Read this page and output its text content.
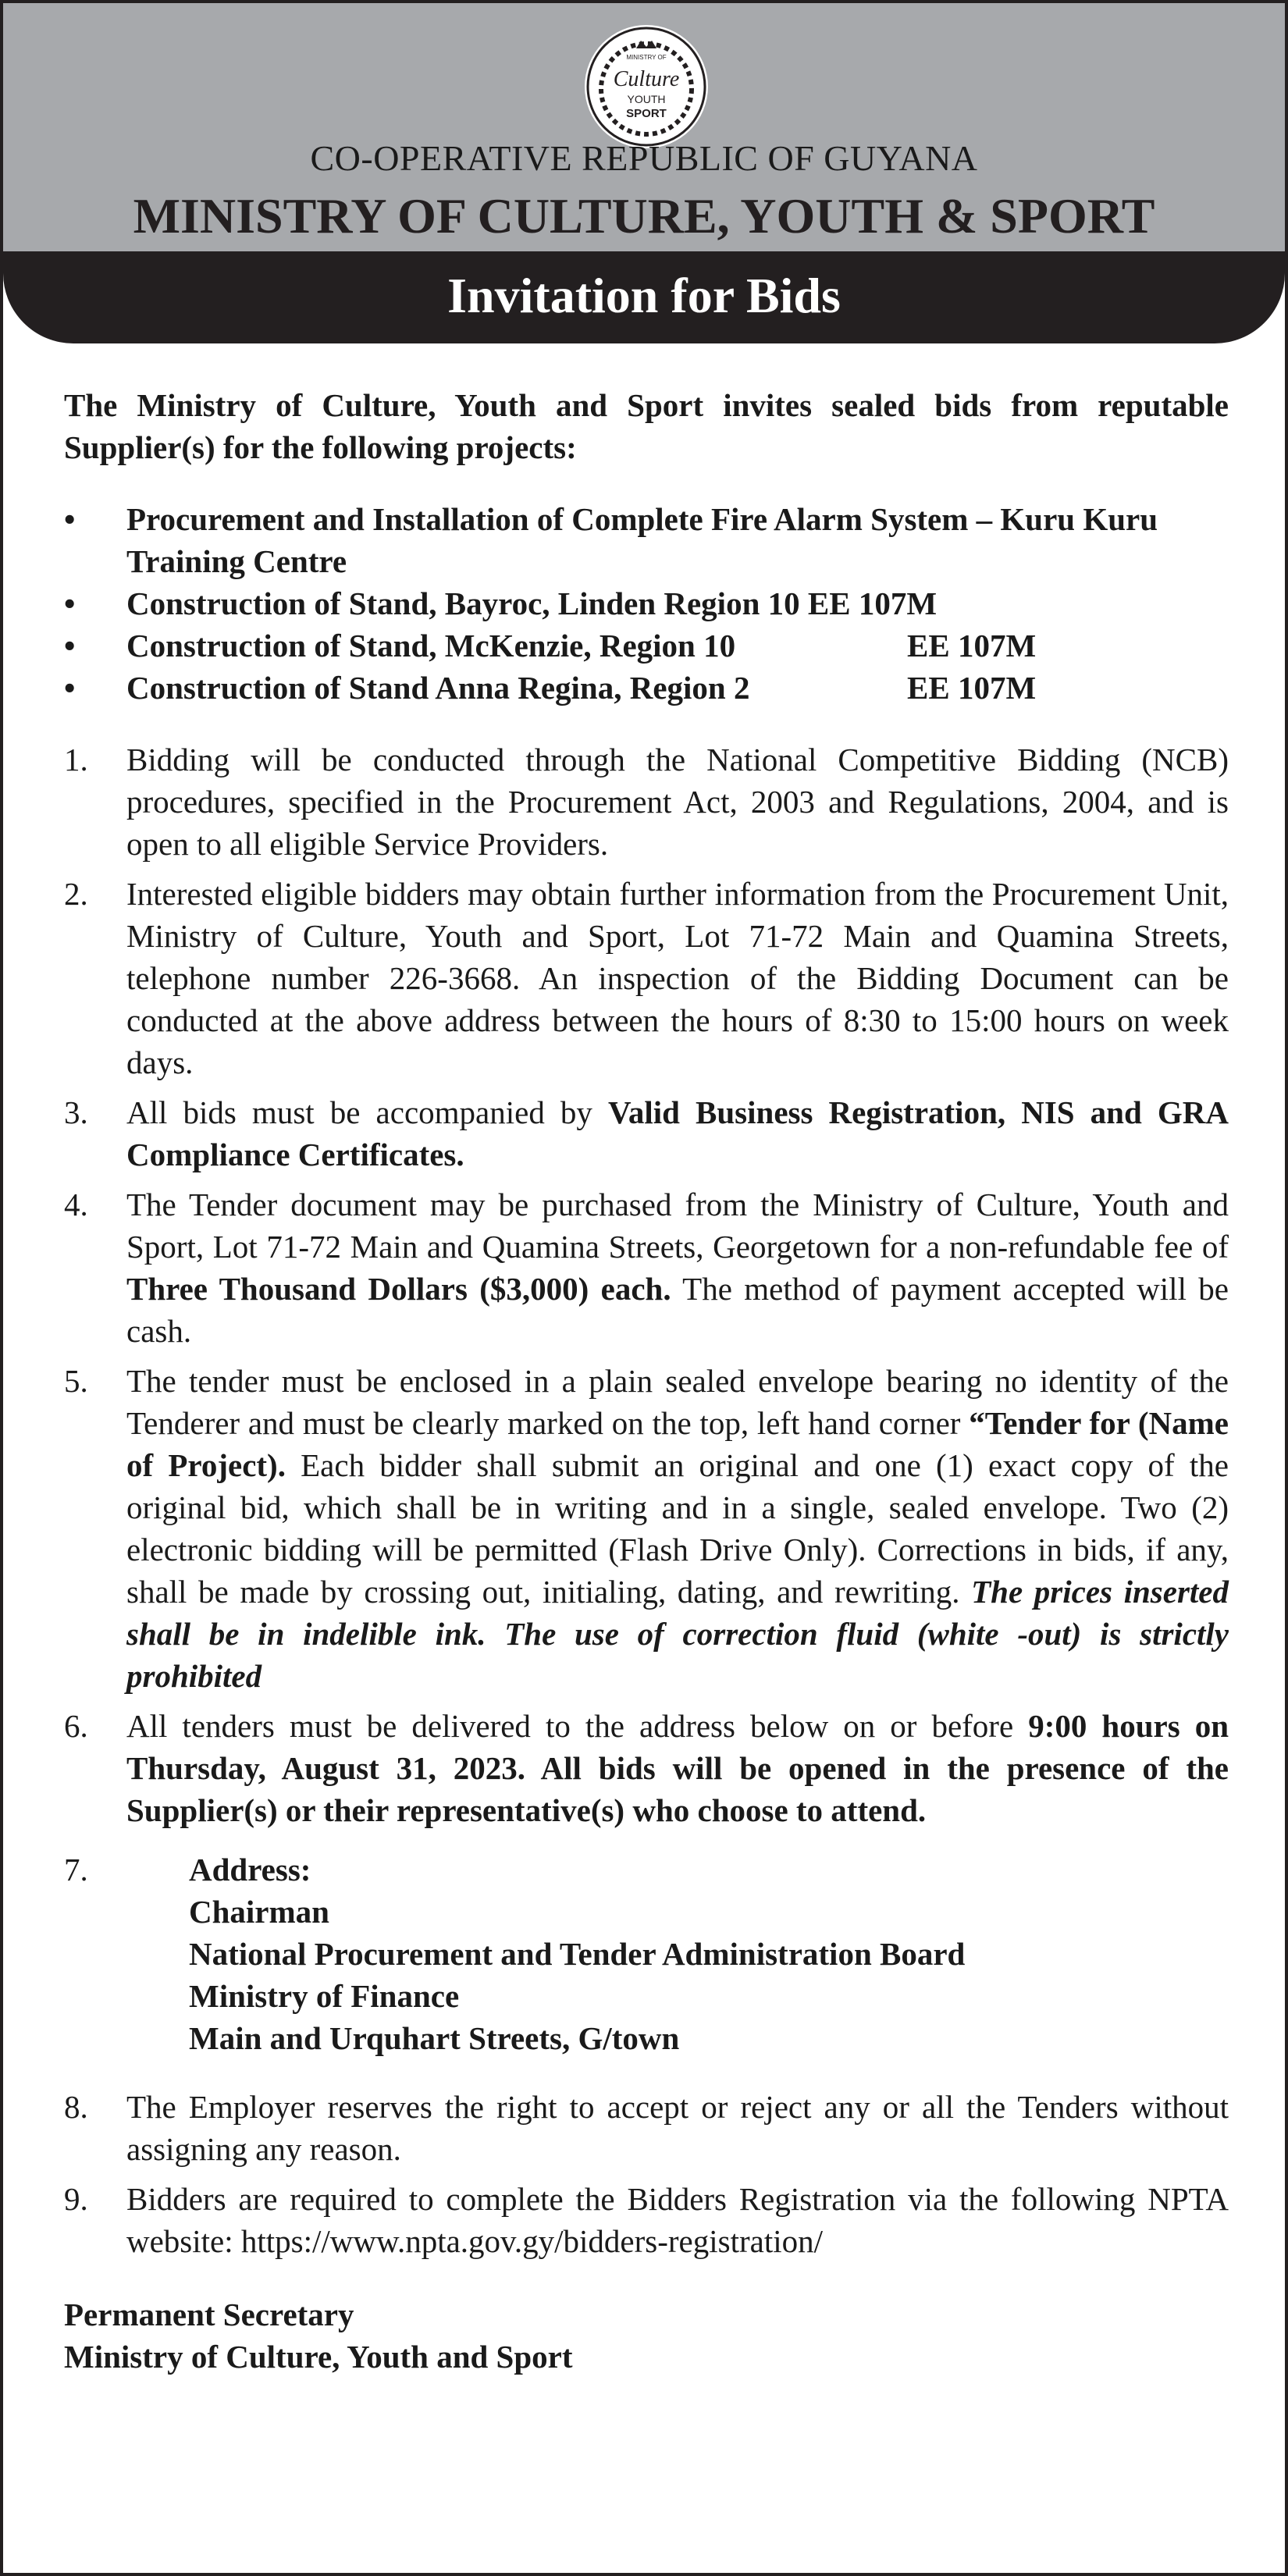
MINISTRY OF
Culture
YOUTH
SPORT
CO-OPERATIVE REPUBLIC OF GUYANA
MINISTRY OF CULTURE, YOUTH & SPORT
Invitation for Bids

The Ministry of Culture, Youth and Sport invites sealed bids from reputable Supplier(s) for the following projects:

• Procurement and Installation of Complete Fire Alarm System – Kuru Kuru Training Centre
• Construction of Stand, Bayroc, Linden Region 10 EE 107M
• Construction of Stand, McKenzie, Region 10	EE 107M
• Construction of Stand Anna Regina, Region 2	EE 107M
1. Bidding will be conducted through the National Competitive Bidding (NCB) procedures, specified in the Procurement Act, 2003 and Regulations, 2004, and is open to all eligible Service Providers.
2. Interested eligible bidders may obtain further information from the Procurement Unit, Ministry of Culture, Youth and Sport, Lot 71-72 Main and Quamina Streets, telephone number 226-3668. An inspection of the Bidding Document can be conducted at the above address between the hours of 8:30 to 15:00 hours on week days.
3. All bids must be accompanied by Valid Business Registration, NIS and GRA Compliance Certificates.
4. The Tender document may be purchased from the Ministry of Culture, Youth and Sport, Lot 71-72 Main and Quamina Streets, Georgetown for a non-refundable fee of Three Thousand Dollars ($3,000) each. The method of payment accepted will be cash.
5. The tender must be enclosed in a plain sealed envelope bearing no identity of the Tenderer and must be clearly marked on the top, left hand corner “Tender for (Name of Project). Each bidder shall submit an original and one (1) exact copy of the original bid, which shall be in writing and in a single, sealed envelope. Two (2) electronic bidding will be permitted (Flash Drive Only). Corrections in bids, if any, shall be made by crossing out, initialing, dating, and rewriting. The prices inserted shall be in indelible ink. The use of correction fluid (white -out) is strictly prohibited
6. All tenders must be delivered to the address below on or before 9:00 hours on Thursday, August 31, 2023. All bids will be opened in the presence of the Supplier(s) or their representative(s) who choose to attend.
7.	Address:
Chairman
National Procurement and Tender Administration Board
Ministry of Finance
Main and Urquhart Streets, G/town
8. The Employer reserves the right to accept or reject any or all the Tenders without assigning any reason.
9. Bidders are required to complete the Bidders Registration via the following NPTA website: https://www.npta.gov.gy/bidders-registration/
Permanent Secretary
Ministry of Culture, Youth and Sport
